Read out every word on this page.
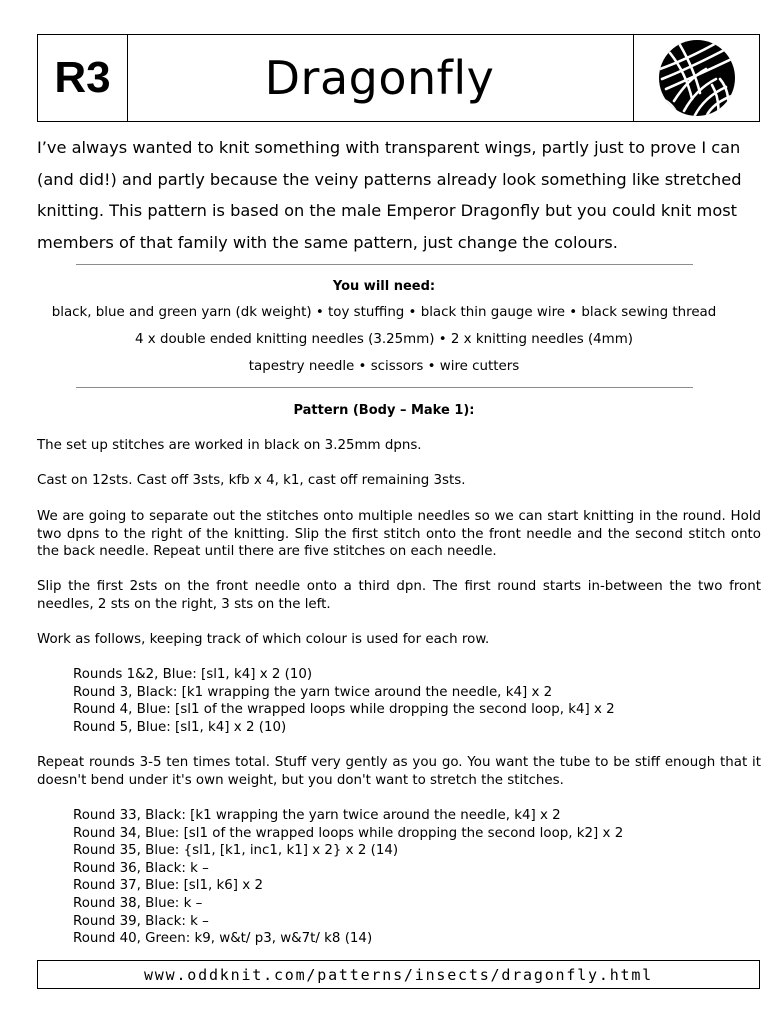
R3	Dragonfly
I’ve always wanted to knit something with transparent wings, partly just to prove I can (and did!) and partly because the veiny patterns already look something like stretched knitting. This pattern is based on the male Emperor Dragonfly but you could knit most members of that family with the same pattern, just change the colours.
You will need:
black, blue and green yarn (dk weight) • toy stuffing • black thin gauge wire • black sewing thread
4 x double ended knitting needles (3.25mm) • 2 x knitting needles (4mm)
tapestry needle • scissors • wire cutters
Pattern (Body – Make 1):
The set up stitches are worked in black on 3.25mm dpns.
Cast on 12sts. Cast off 3sts, kfb x 4, k1, cast off remaining 3sts.
We are going to separate out the stitches onto multiple needles so we can start knitting in the round. Hold two dpns to the right of the knitting. Slip the first stitch onto the front needle and the second stitch onto the back needle. Repeat until there are five stitches on each needle.
Slip the first 2sts on the front needle onto a third dpn. The first round starts in-between the two front needles, 2 sts on the right, 3 sts on the left.
Work as follows, keeping track of which colour is used for each row.
Rounds 1&2, Blue: [sl1, k4] x 2 (10)
Round 3, Black: [k1 wrapping the yarn twice around the needle, k4] x 2
Round 4, Blue: [sl1 of the wrapped loops while dropping the second loop, k4] x 2
Round 5, Blue: [sl1, k4] x 2 (10)
Repeat rounds 3-5 ten times total. Stuff very gently as you go. You want the tube to be stiff enough that it doesn't bend under it's own weight, but you don't want to stretch the stitches.
Round 33, Black: [k1 wrapping the yarn twice around the needle, k4] x 2
Round 34, Blue: [sl1 of the wrapped loops while dropping the second loop, k2] x 2
Round 35, Blue: {sl1, [k1, inc1, k1] x 2} x 2 (14)
Round 36, Black: k –
Round 37, Blue: [sl1, k6] x 2
Round 38, Blue: k –
Round 39, Black: k –
Round 40, Green: k9, w&t/ p3, w&7t/ k8 (14)
www.oddknit.com/patterns/insects/dragonfly.html
